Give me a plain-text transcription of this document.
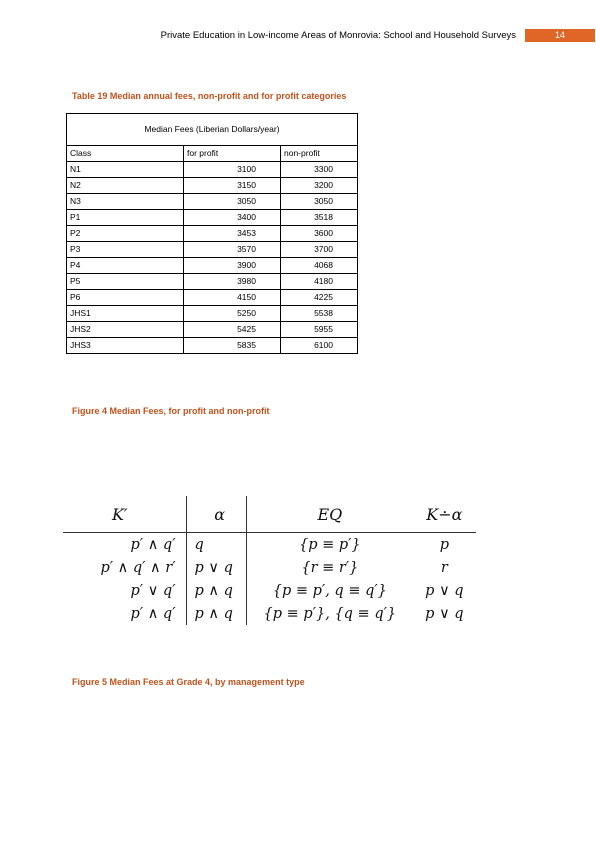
Private Education in Low-income Areas of Monrovia: School and Household Surveys	14
Table 19 Median annual fees, non-profit and for profit categories
Median Fees (Liberian Dollars/year)		
Class	for profit	non-profit
N1	3100	3300
N2	3150	3200
N3	3050	3050
P1	3400	3518
P2	3453	3600
P3	3570	3700
P4	3900	4068
P5	3980	4180
P6	4150	4225
JHS1	5250	5538
JHS2	5425	5955
JHS3	5835	6100
Figure 4 Median Fees, for profit and non-profit
K′	α	EQ	K∸α
p′ ∧ q′	q	{p ≡ p′}	p
p′ ∧ q′ ∧ r′	p ∨ q	{r ≡ r′}	r
p′ ∨ q′	p ∧ q	{p ≡ p′, q ≡ q′}	p ∨ q
p′ ∧ q′	p ∧ q	{p ≡ p′}, {q ≡ q′}	p ∨ q
Figure 5 Median Fees at Grade 4, by management type
